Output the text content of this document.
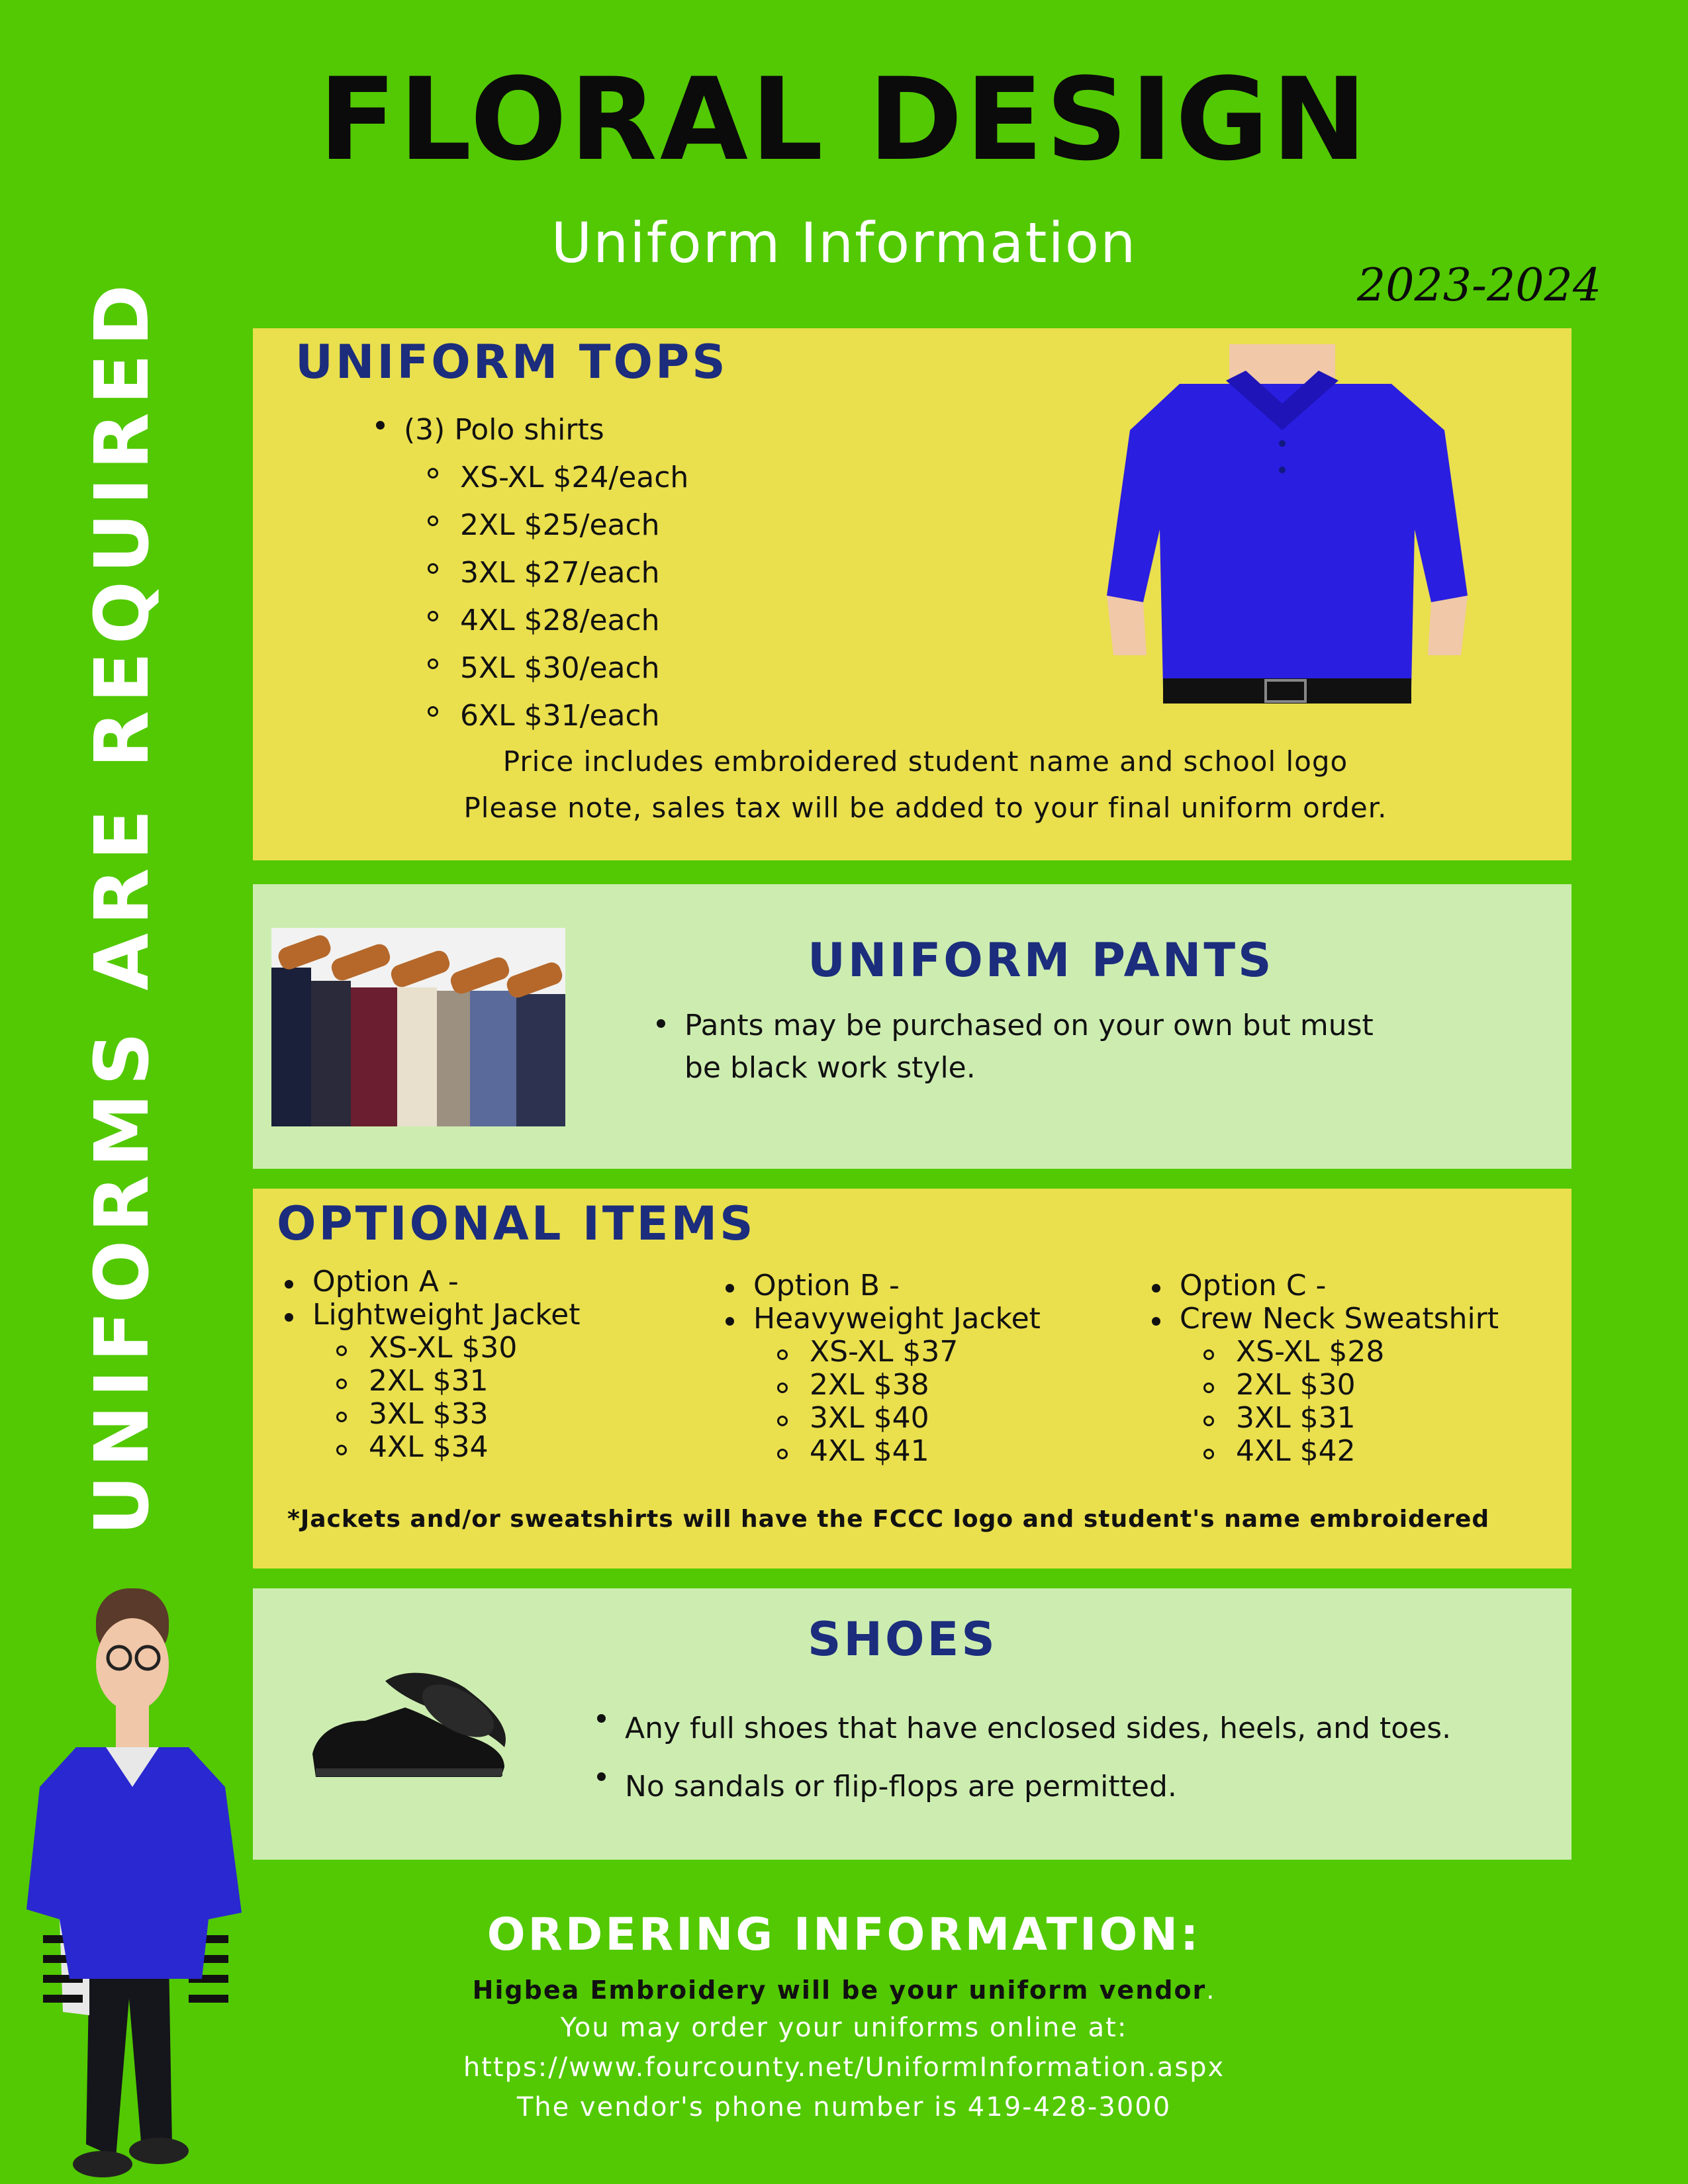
FLORAL DESIGN
Uniform Information
2023-2024
UNIFORMS ARE REQUIRED	UNIFORM TOPS
(3) Polo shirts
XS-XL $24/each
2XL $25/each
3XL $27/each
4XL $28/each
5XL $30/each
6XL $31/each
Price includes embroidered student name and school logo
Please note, sales tax will be added to your final uniform order.
UNIFORM PANTS
Pants may be purchased on your own but must
be black work style.
OPTIONAL ITEMS
Option A -
Lightweight Jacket
XS-XL $30
2XL $31
3XL $33
4XL $34
Option B -
Heavyweight Jacket
XS-XL $37
2XL $38
3XL $40
4XL $41
Option C -
Crew Neck Sweatshirt
XS-XL $28
2XL $30
3XL $31
4XL $42
*Jackets and/or sweatshirts will have the FCCC logo and student's name embroidered
SHOES
Any full shoes that have enclosed sides, heels, and toes.
No sandals or flip-flops are permitted.
ORDERING INFORMATION:
Higbea Embroidery will be your uniform vendor.
You may order your uniforms online at:
https://www.fourcounty.net/UniformInformation.aspx
The vendor's phone number is 419-428-3000
